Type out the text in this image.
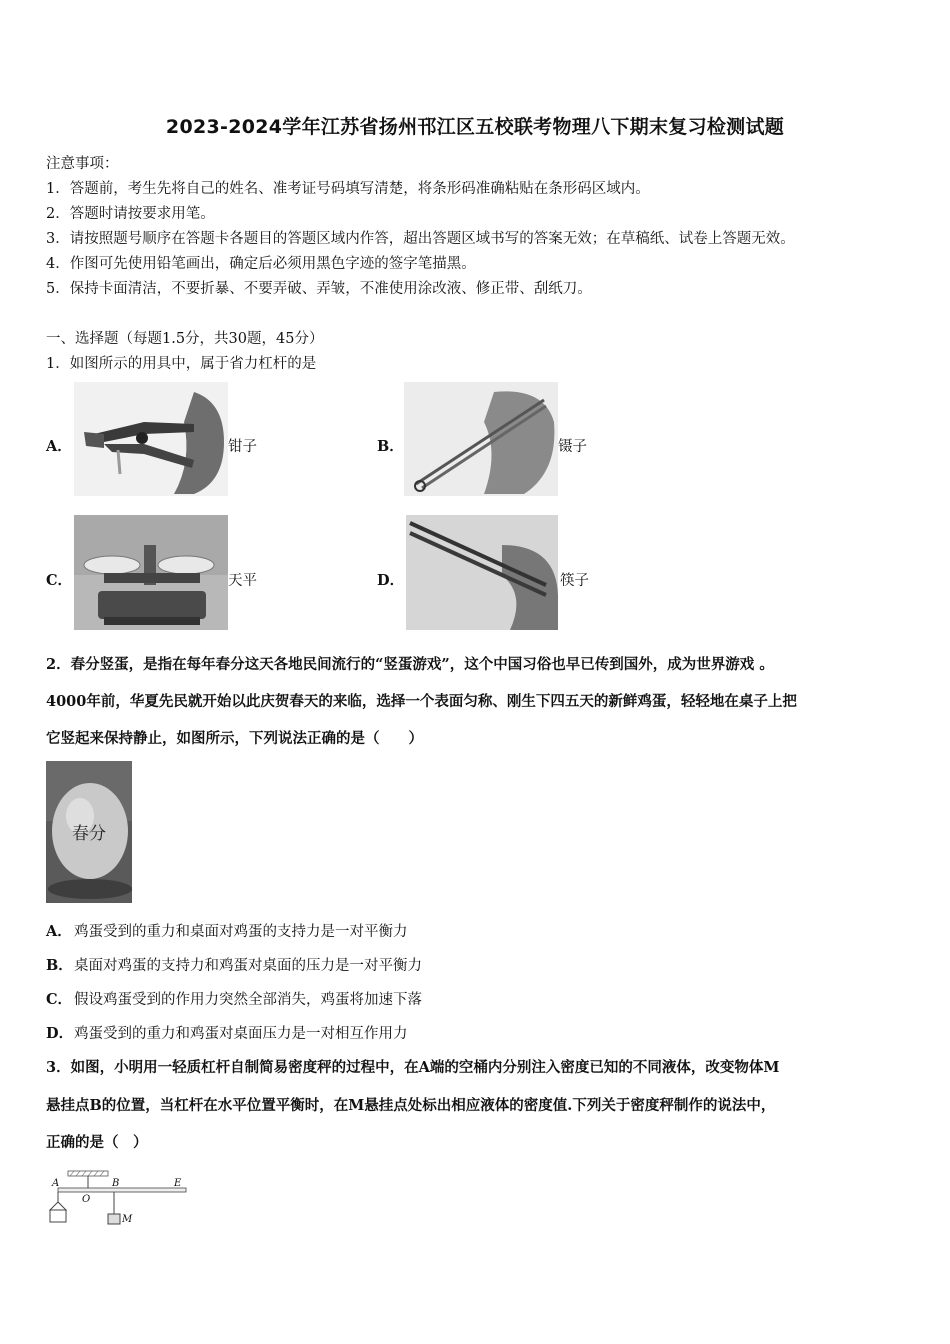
2023-2024学年江苏省扬州邗江区五校联考物理八下期末复习检测试题
注意事项：
1．答题前，考生先将自己的姓名、准考证号码填写清楚，将条形码准确粘贴在条形码区域内。
2．答题时请按要求用笔。
3．请按照题号顺序在答题卡各题目的答题区域内作答，超出答题区域书写的答案无效；在草稿纸、试卷上答题无效。
4．作图可先使用铅笔画出，确定后必须用黑色字迹的签字笔描黑。
5．保持卡面清洁，不要折暴、不要弄破、弄皱，不准使用涂改液、修正带、刮纸刀。
一、选择题（每题1.5分，共30题，45分）
1．如图所示的用具中，属于省力杠杆的是
A．	钳子	B．	镊子
C．	天平	D．	筷子
2．春分竖蛋，是指在每年春分这天各地民间流行的“竖蛋游戏”，这个中国习俗也早已传到国外，成为世界游戏 。
4000年前，华夏先民就开始以此庆贺春天的来临，选择一个表面匀称、刚生下四五天的新鲜鸡蛋，轻轻地在桌子上把
它竖起来保持静止，如图所示，下列说法正确的是（　　）
春分
A． 鸡蛋受到的重力和桌面对鸡蛋的支持力是一对平衡力
B． 桌面对鸡蛋的支持力和鸡蛋对桌面的压力是一对平衡力
C． 假设鸡蛋受到的作用力突然全部消失，鸡蛋将加速下落
D． 鸡蛋受到的重力和鸡蛋对桌面压力是一对相互作用力
3．如图，小明用一轻质杠杆自制简易密度秤的过程中，在A端的空桶内分别注入密度已知的不同液体，改变物体M
悬挂点B的位置，当杠杆在水平位置平衡时，在M悬挂点处标出相应液体的密度值.下列关于密度秤制作的说法中，
正确的是（　）
A
O
B	E
M
